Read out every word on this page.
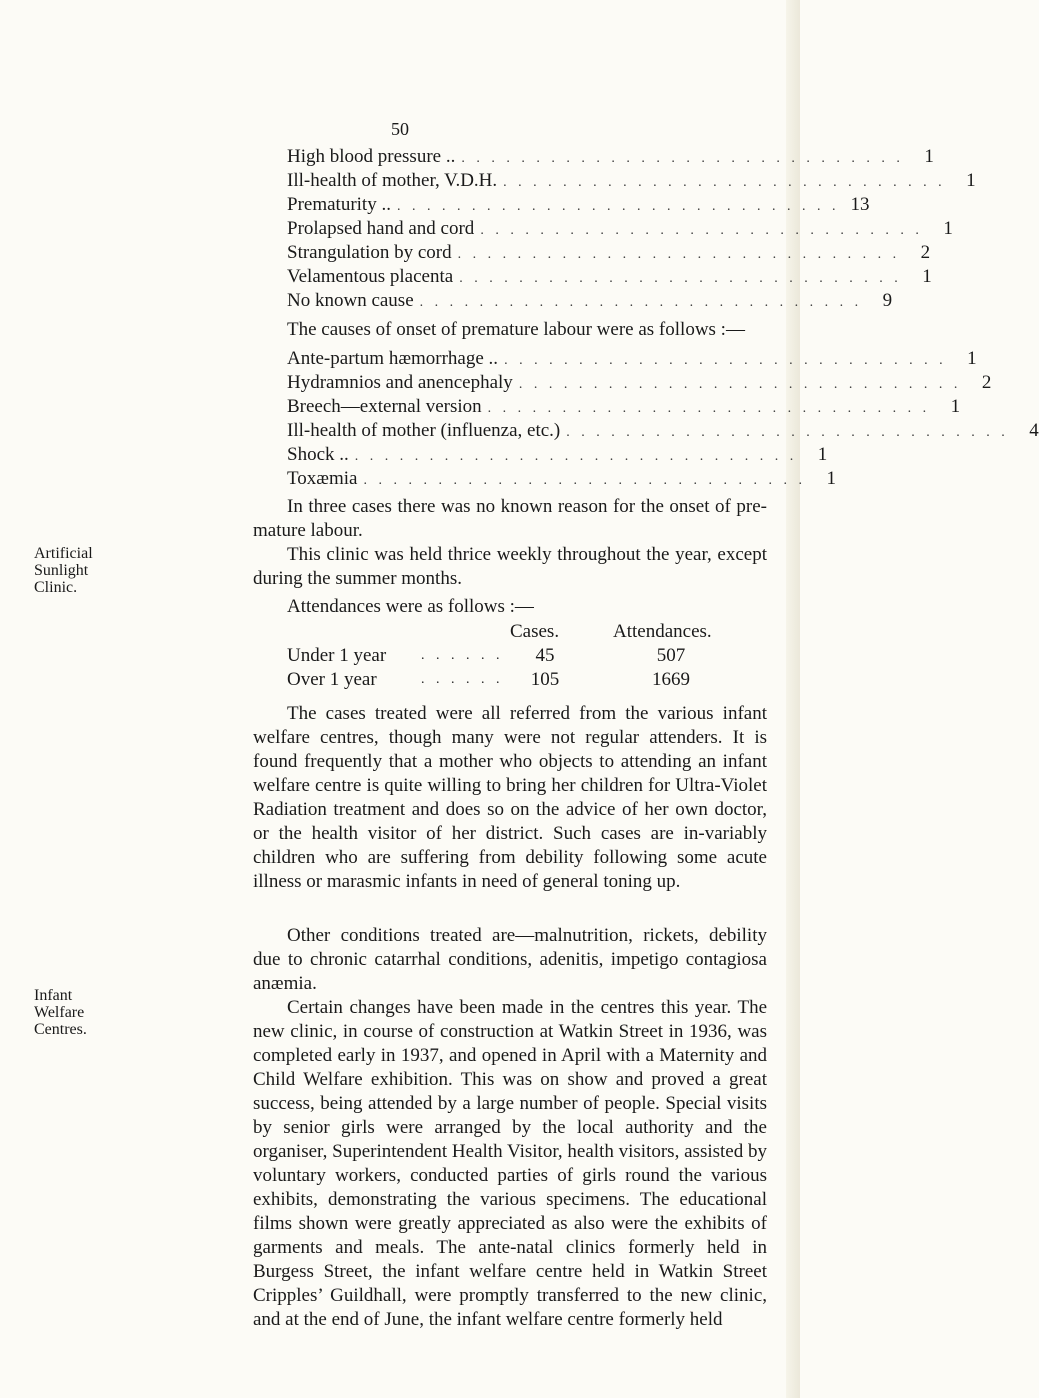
50
High blood pressure .. . . . . . . . . . . . . . . . . . . . . . . . . . . . . . .	1
Ill-health of mother, V.D.H. . . . . . . . . . . . . . . . . . . . . . . . . . . . . . .	1
Prematurity .. . . . . . . . . . . . . . . . . . . . . . . . . . . . . . . 13
Prolapsed hand and cord . . . . . . . . . . . . . . . . . . . . . . . . . . . . . .	1
Strangulation by cord . . . . . . . . . . . . . . . . . . . . . . . . . . . . . .	2
Velamentous placenta . . . . . . . . . . . . . . . . . . . . . . . . . . . . . .	1
No known cause . . . . . . . . . . . . . . . . . . . . . . . . . . . . . .	9

The causes of onset of premature labour were as follows :—

Ante-partum hæmorrhage .. . . . . . . . . . . . . . . . . . . . . . . . . . . . . . .	1
Hydramnios and anencephaly . . . . . . . . . . . . . . . . . . . . . . . . . . . . . .	2
Breech—external version . . . . . . . . . . . . . . . . . . . . . . . . . . . . . .	1
Ill-health of mother (influenza, etc.) . . . . . . . . . . . . . . . . . . . . . . . . . . . . . .	4
Shock .. . . . . . . . . . . . . . . . . . . . . . . . . . . . . . .	1
Toxæmia . . . . . . . . . . . . . . . . . . . . . . . . . . . . . .	1

In three cases there was no known reason for the onset of pre-mature labour.

Artificial
Sunlight
Clinic.

This clinic was held thrice weekly throughout the year, except during the summer months.

Attendances were as follows :—
Cases.	Attendances.
Under 1 year . . . . . .	45	507
Over 1 year	. . . . . .	105	1669

The cases treated were all referred from the various infant welfare centres, though many were not regular attenders. It is found frequently that a mother who objects to attending an infant welfare centre is quite willing to bring her children for Ultra-Violet Radiation treatment and does so on the advice of her own doctor, or the health visitor of her district. Such cases are in-variably children who are suffering from debility following some acute illness or marasmic infants in need of general toning up.

Other conditions treated are—malnutrition, rickets, debility due to chronic catarrhal conditions, adenitis, impetigo contagiosa anæmia.

Infant
Welfare
Centres.

Certain changes have been made in the centres this year. The new clinic, in course of construction at Watkin Street in 1936, was completed early in 1937, and opened in April with a Maternity and Child Welfare exhibition. This was on show and proved a great success, being attended by a large number of people. Special visits by senior girls were arranged by the local authority and the organiser, Superintendent Health Visitor, health visitors, assisted by voluntary workers, conducted parties of girls round the various exhibits, demonstrating the various specimens. The educational films shown were greatly appreciated as also were the exhibits of garments and meals. The ante-natal clinics formerly held in Burgess Street, the infant welfare centre held in Watkin Street Cripples’ Guildhall, were promptly transferred to the new clinic, and at the end of June, the infant welfare centre formerly held
